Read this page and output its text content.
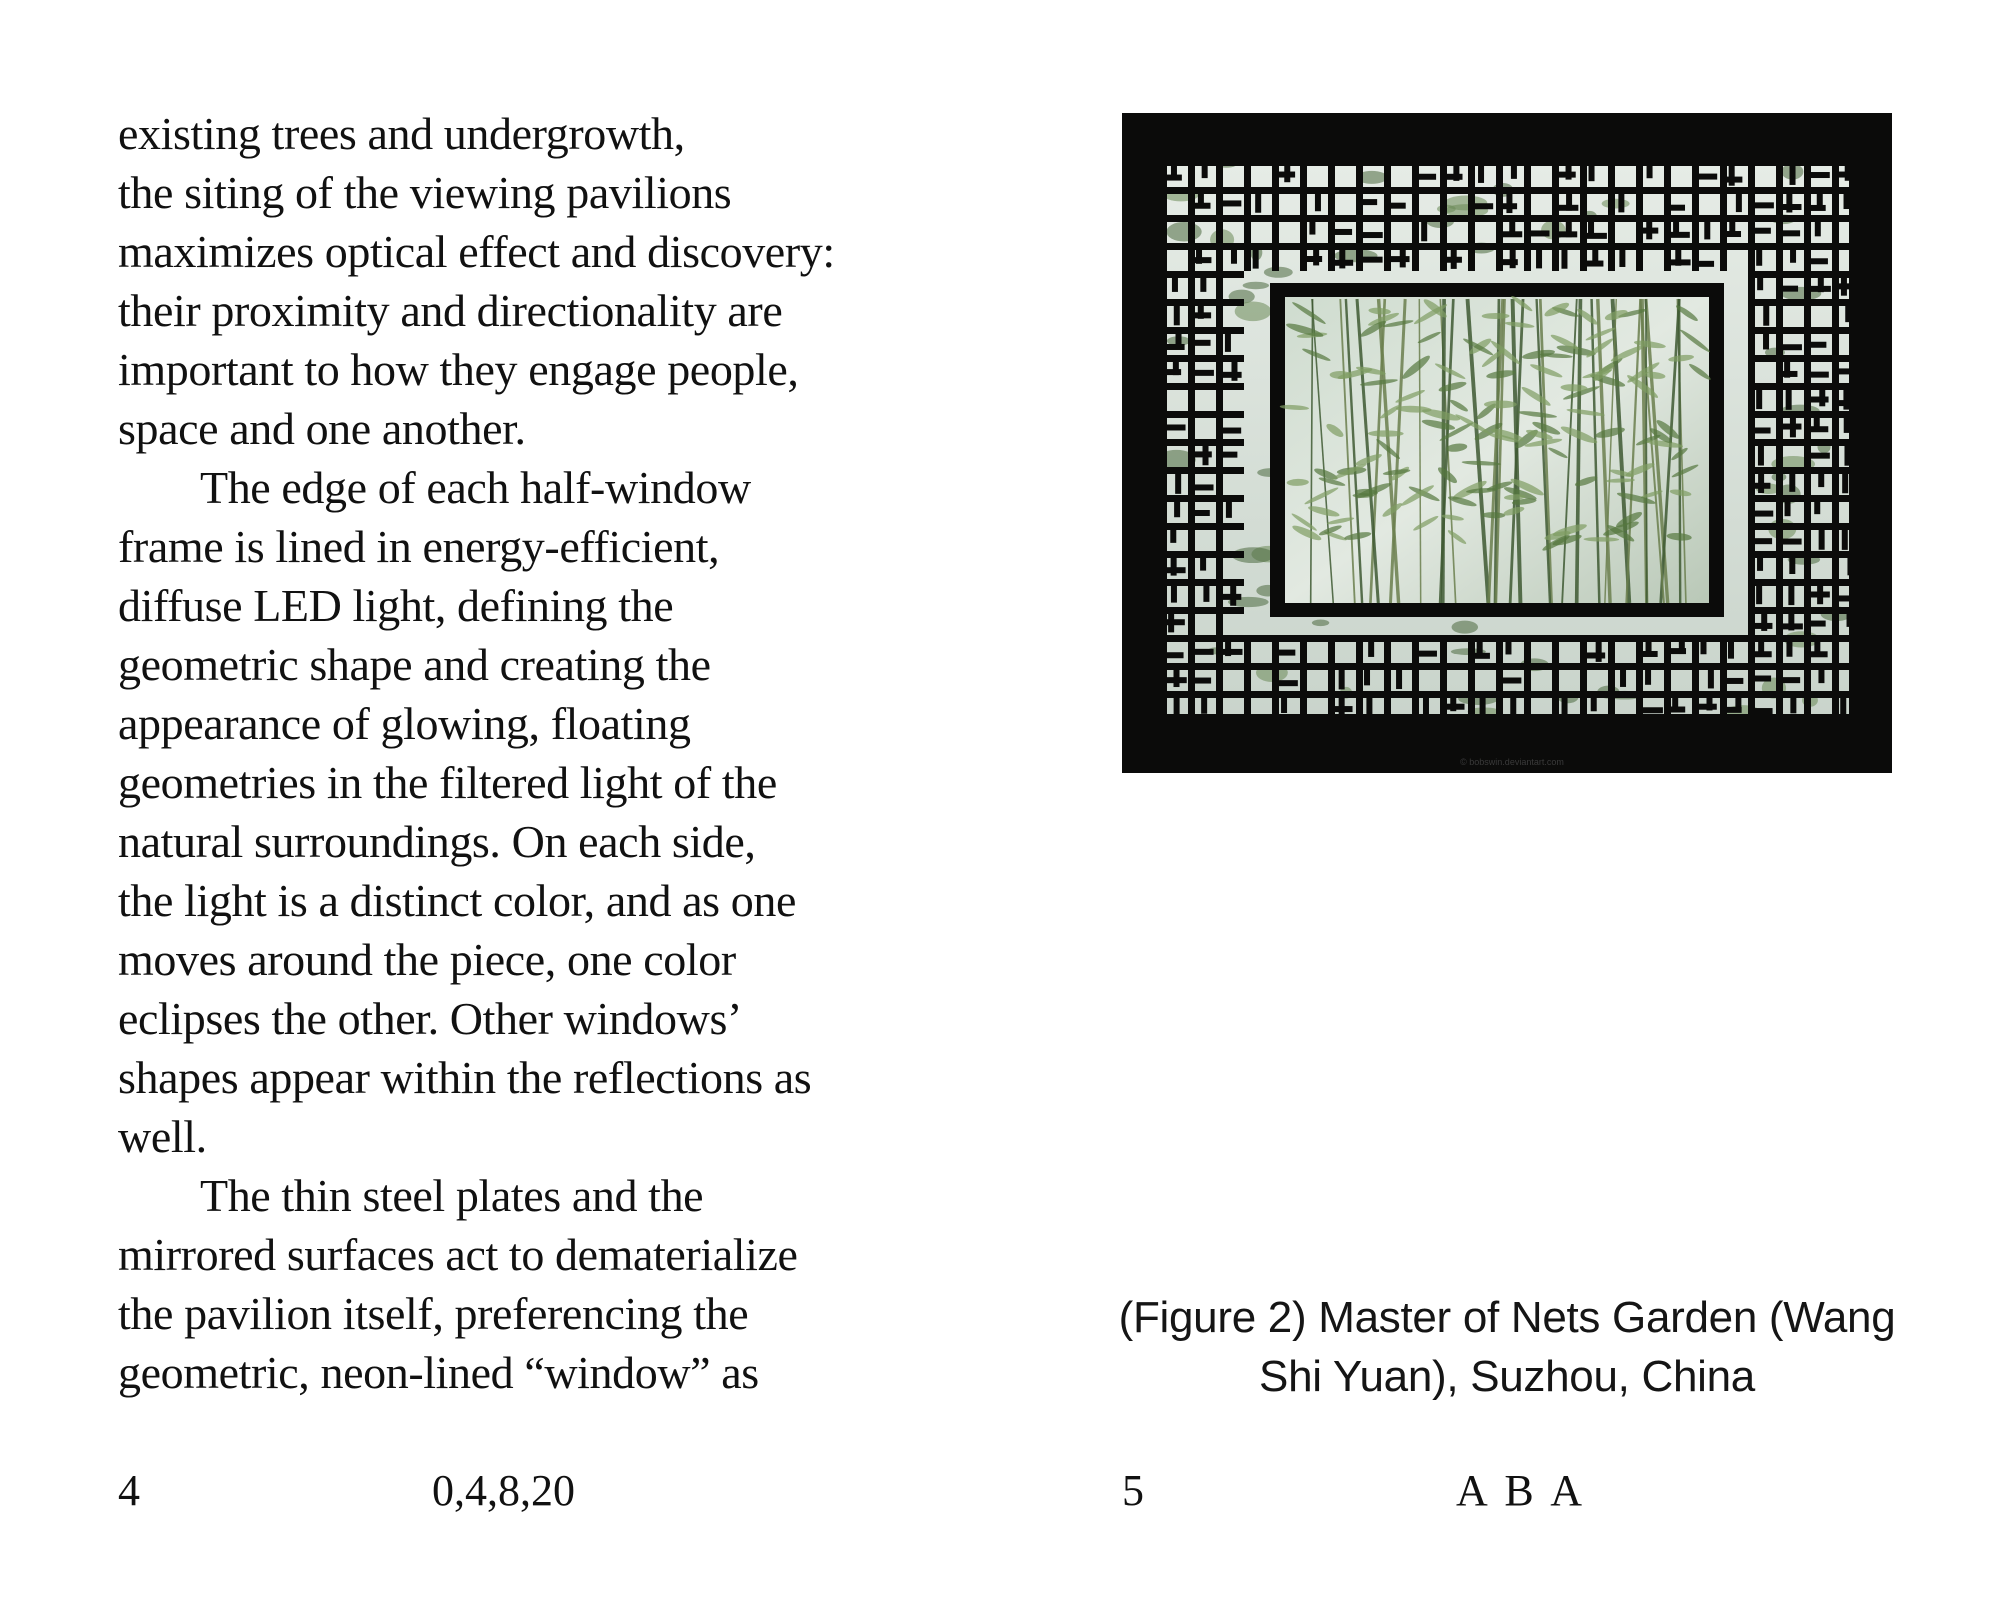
existing trees and undergrowth,
the siting of the viewing pavilions
maximizes optical effect and discovery:
their proximity and directionality are
important to how they engage people,
space and one another.
The edge of each half-window
frame is lined in energy-efficient,
diffuse LED light, defining the
geometric shape and creating the
appearance of glowing, floating
geometries in the filtered light of the
natural surroundings. On each side,
the light is a distinct color, and as one
moves around the piece, one color
eclipses the other. Other windows’
shapes appear within the reflections as
well.
The thin steel plates and the
mirrored surfaces act to dematerialize
the pavilion itself, preferencing the
geometric, neon-lined “window” as
4	0,4,8,20
© bobswin.deviantart.com
(Figure 2) Master of Nets Garden (Wang
Shi Yuan), Suzhou, China
5	A B A
